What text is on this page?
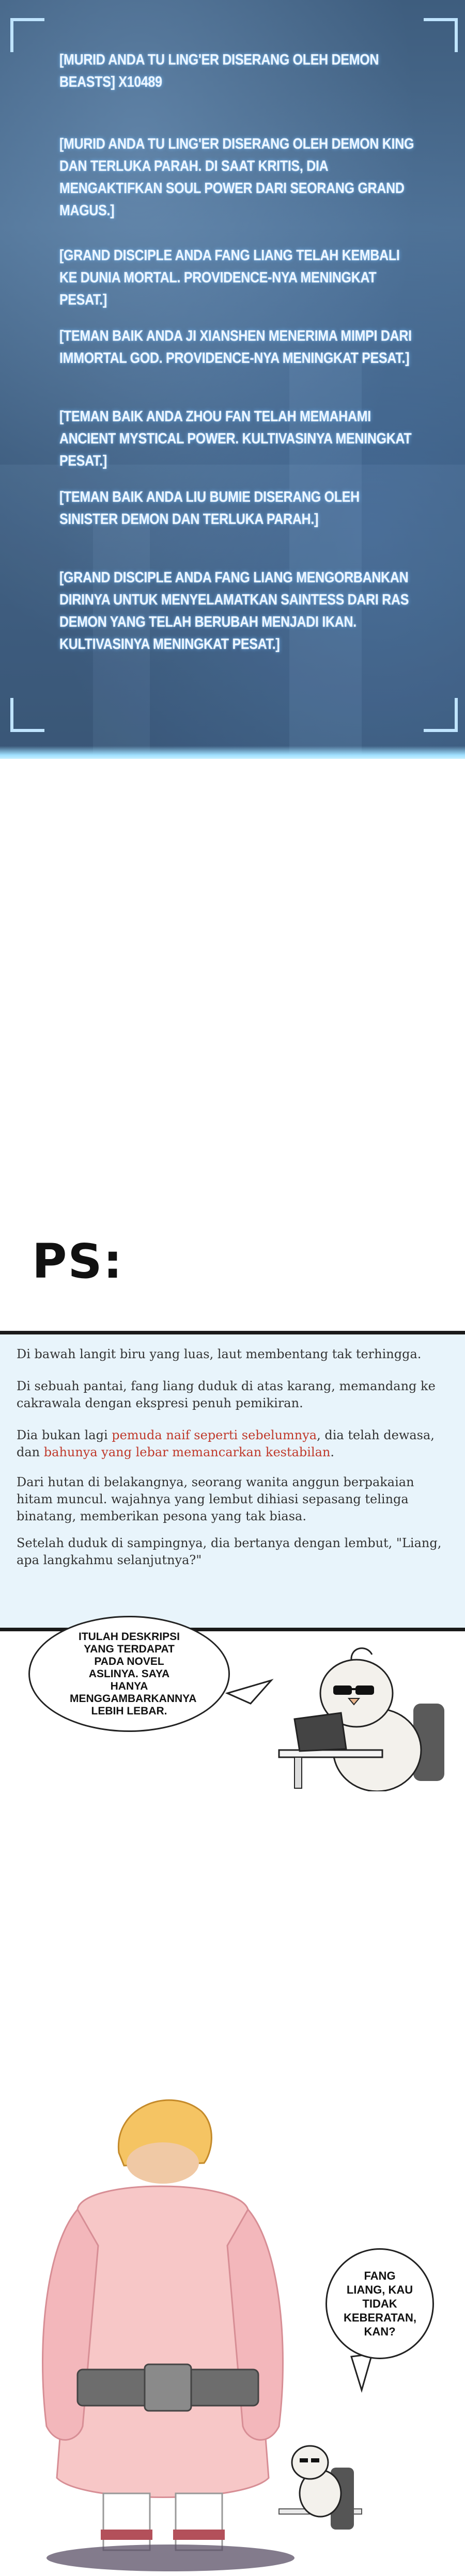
[MURID ANDA TU LING'ER DISERANG OLEH DEMON BEASTS] X10489
[MURID ANDA TU LING'ER DISERANG OLEH DEMON KING DAN TERLUKA PARAH. DI SAAT KRITIS, DIA MENGAKTIFKAN SOUL POWER DARI SEORANG GRAND MAGUS.]
[GRAND DISCIPLE ANDA FANG LIANG TELAH KEMBALI KE DUNIA MORTAL. PROVIDENCE-NYA MENINGKAT PESAT.]
[TEMAN BAIK ANDA JI XIANSHEN MENERIMA MIMPI DARI IMMORTAL GOD. PROVIDENCE-NYA MENINGKAT PESAT.]
[TEMAN BAIK ANDA ZHOU FAN TELAH MEMAHAMI ANCIENT MYSTICAL POWER. KULTIVASINYA MENINGKAT PESAT.]
[TEMAN BAIK ANDA LIU BUMIE DISERANG OLEH SINISTER DEMON DAN TERLUKA PARAH.]
[GRAND DISCIPLE ANDA FANG LIANG MENGORBANKAN DIRINYA UNTUK MENYELAMATKAN SAINTESS DARI RAS DEMON YANG TELAH BERUBAH MENJADI IKAN. KULTIVASINYA MENINGKAT PESAT.]
PS:
Di bawah langit biru yang luas, laut membentang tak terhingga.
Di sebuah pantai, fang liang duduk di atas karang, memandang ke cakrawala dengan ekspresi penuh pemikiran.
Dia bukan lagi pemuda naif seperti sebelumnya, dia telah dewasa, dan bahunya yang lebar memancarkan kestabilan.
Dari hutan di belakangnya, seorang wanita anggun berpakaian hitam muncul. wajahnya yang lembut dihiasi sepasang telinga binatang, memberikan pesona yang tak biasa.
Setelah duduk di sampingnya, dia bertanya dengan lembut, "Liang, apa langkahmu selanjutnya?"
ITULAH DESKRIPSI YANG TERDAPAT PADA NOVEL ASLINYA. SAYA HANYA MENGGAMBARKANNYA LEBIH LEBAR.
FANG LIANG, KAU TIDAK KEBERATAN, KAN?
